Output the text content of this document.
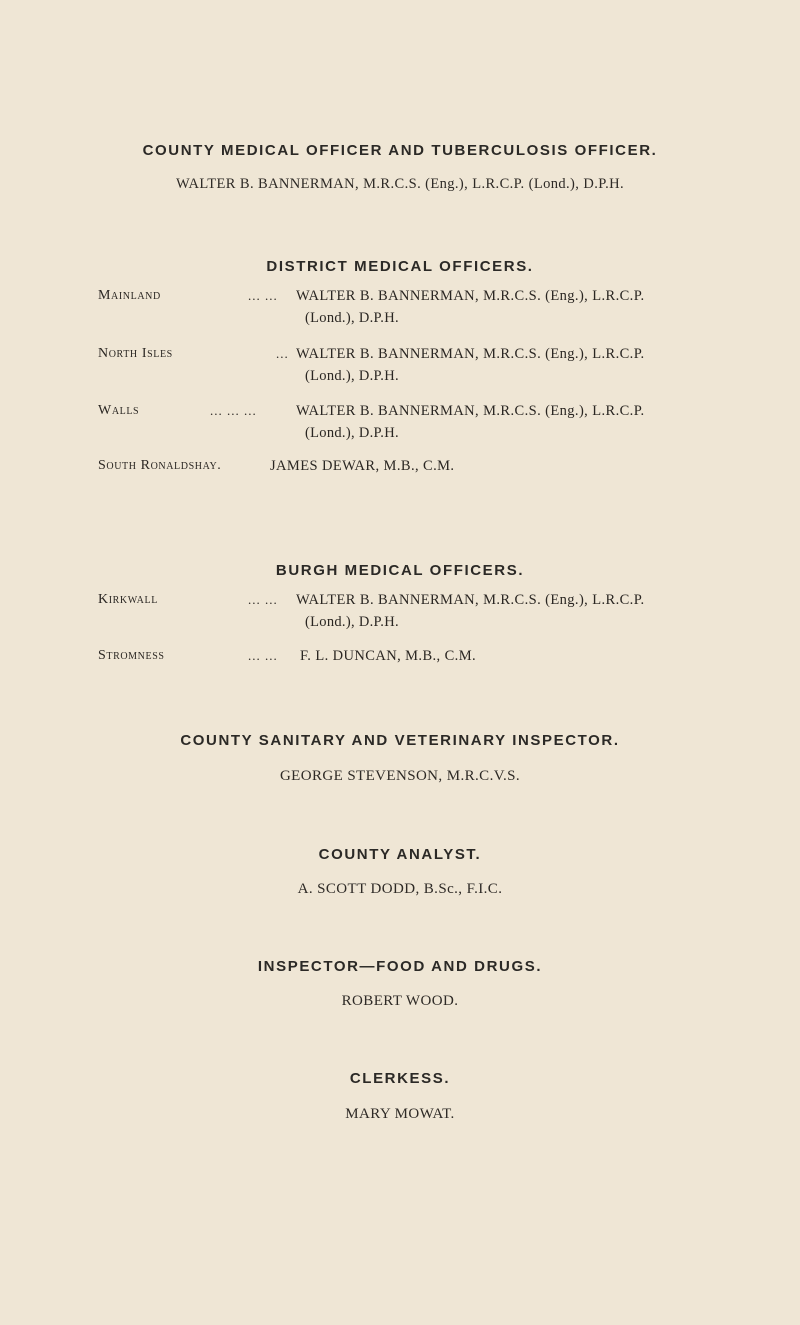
COUNTY MEDICAL OFFICER AND TUBERCULOSIS OFFICER.
WALTER B. BANNERMAN, M.R.C.S. (Eng.), L.R.C.P. (Lond.), D.P.H.
DISTRICT MEDICAL OFFICERS.
Mainland	... ... WALTER B. BANNERMAN, M.R.C.S. (Eng.), L.R.C.P.
(Lond.), D.P.H.
North Isles	... WALTER B. BANNERMAN, M.R.C.S. (Eng.), L.R.C.P.
(Lond.), D.P.H.
Walls	... ... ...	WALTER B. BANNERMAN, M.R.C.S. (Eng.), L.R.C.P.
(Lond.), D.P.H.
South Ronaldshay.	JAMES DEWAR, M.B., C.M.
BURGH MEDICAL OFFICERS.
Kirkwall	... ... WALTER B. BANNERMAN, M.R.C.S. (Eng.), L.R.C.P.
(Lond.), D.P.H.
Stromness	... ... F. L. DUNCAN, M.B., C.M.
COUNTY SANITARY AND VETERINARY INSPECTOR.
GEORGE STEVENSON, M.R.C.V.S.
COUNTY ANALYST.
A. SCOTT DODD, B.Sc., F.I.C.
INSPECTOR—FOOD AND DRUGS.
ROBERT WOOD.
CLERKESS.
MARY MOWAT.
